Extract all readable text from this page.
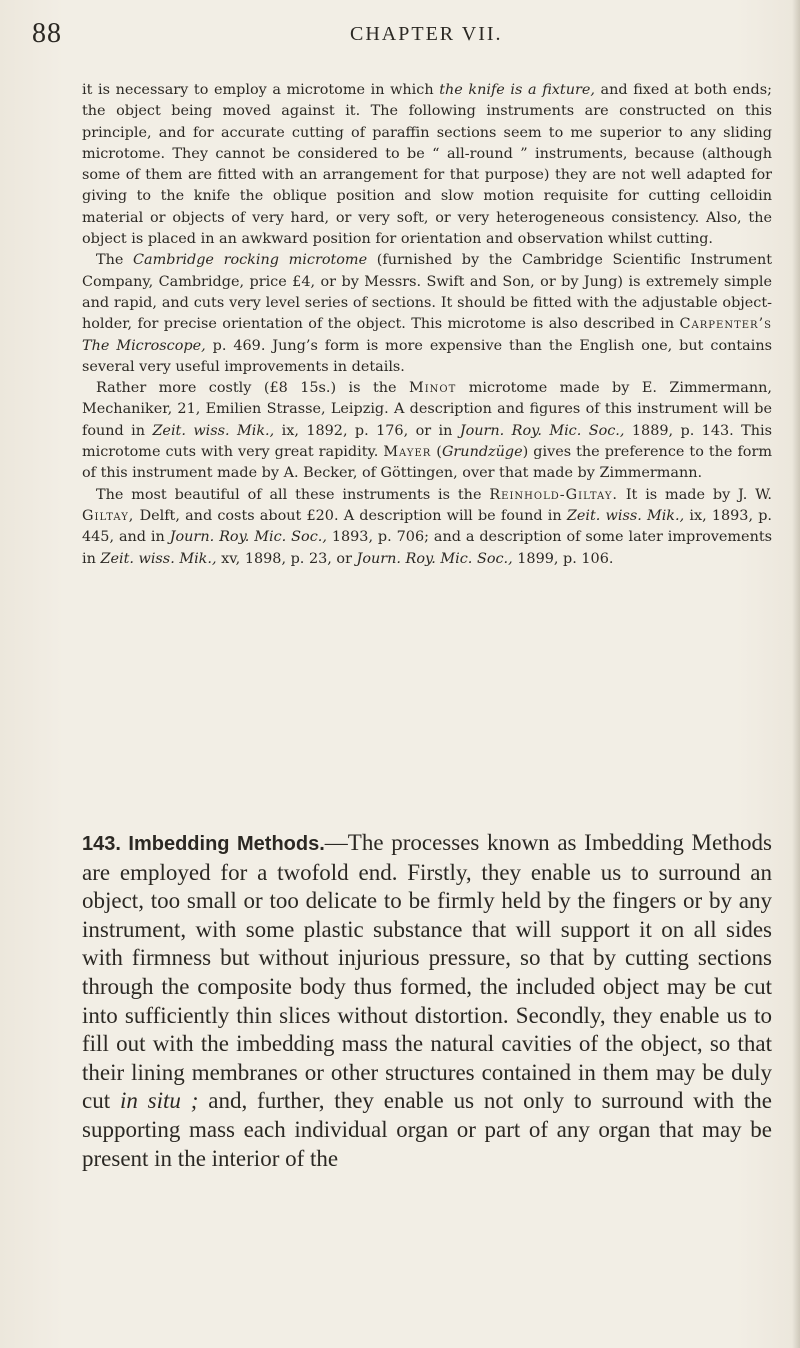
88	CHAPTER VII.

it is necessary to employ a microtome in which the knife is a fixture, and fixed at both ends; the object being moved against it. The following instruments are constructed on this principle, and for accurate cutting of paraffin sections seem to me superior to any sliding microtome. They cannot be considered to be “ all-round ” instruments, because (although some of them are fitted with an arrangement for that purpose) they are not well adapted for giving to the knife the oblique position and slow motion requisite for cutting celloidin material or objects of very hard, or very soft, or very heterogeneous consistency. Also, the object is placed in an awkward position for orientation and observation whilst cutting.

The Cambridge rocking microtome (furnished by the Cambridge Scientific Instrument Company, Cambridge, price £4, or by Messrs. Swift and Son, or by Jung) is extremely simple and rapid, and cuts very level series of sections. It should be fitted with the adjustable object-holder, for precise orientation of the object. This microtome is also described in Carpenter’s The Microscope, p. 469. Jung’s form is more expensive than the English one, but contains several very useful improvements in details.

Rather more costly (£8 15s.) is the Minot microtome made by E. Zimmermann, Mechaniker, 21, Emilien Strasse, Leipzig. A description and figures of this instrument will be found in Zeit. wiss. Mik., ix, 1892, p. 176, or in Journ. Roy. Mic. Soc., 1889, p. 143. This microtome cuts with very great rapidity. Mayer (Grundzüge) gives the preference to the form of this instrument made by A. Becker, of Göttingen, over that made by Zimmermann.

The most beautiful of all these instruments is the Reinhold-Giltay. It is made by J. W. Giltay, Delft, and costs about £20. A description will be found in Zeit. wiss. Mik., ix, 1893, p. 445, and in Journ. Roy. Mic. Soc., 1893, p. 706; and a description of some later improvements in Zeit. wiss. Mik., xv, 1898, p. 23, or Journ. Roy. Mic. Soc., 1899, p. 106.

143. Imbedding Methods.—The processes known as Imbedding Methods are employed for a twofold end. Firstly, they enable us to surround an object, too small or too delicate to be firmly held by the fingers or by any instrument, with some plastic substance that will support it on all sides with firmness but without injurious pressure, so that by cutting sections through the composite body thus formed, the included object may be cut into sufficiently thin slices without distortion. Secondly, they enable us to fill out with the imbedding mass the natural cavities of the object, so that their lining membranes or other structures contained in them may be duly cut in situ ; and, further, they enable us not only to surround with the supporting mass each individual organ or part of any organ that may be present in the interior of the
